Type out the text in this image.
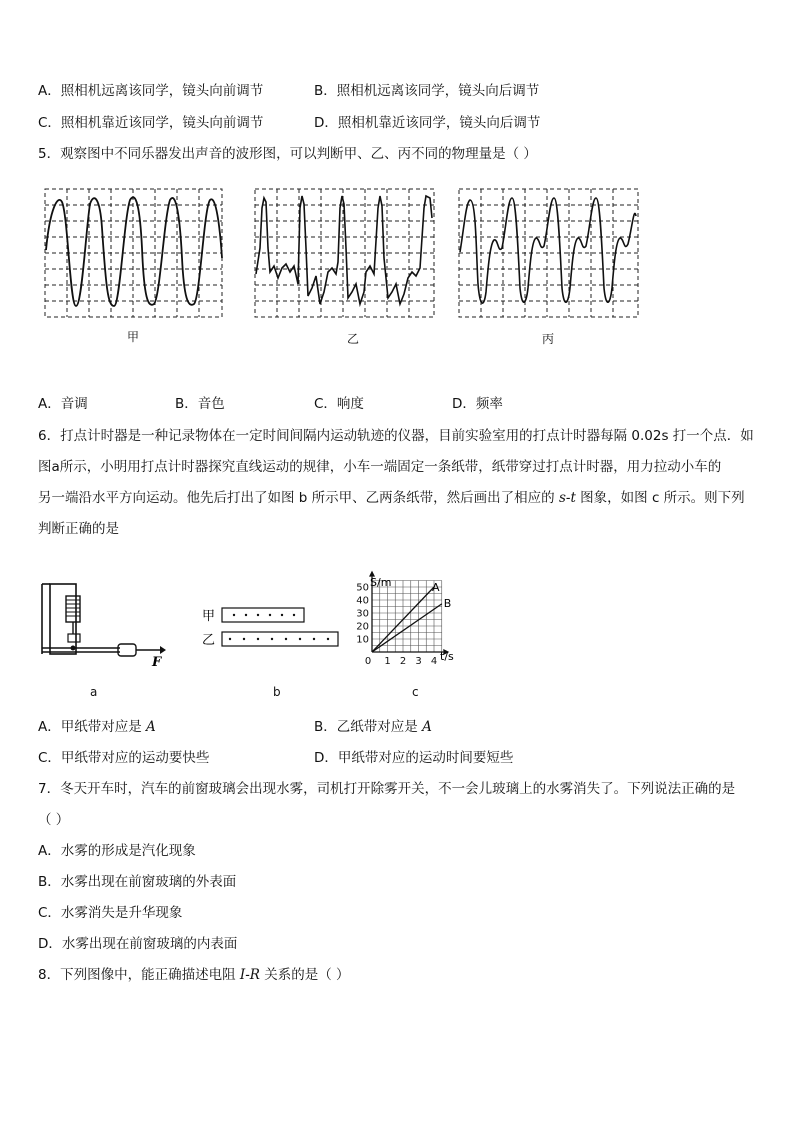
A．照相机远离该同学，镜头向前调节	B．照相机远离该同学，镜头向后调节
C．照相机靠近该同学，镜头向前调节	D．照相机靠近该同学，镜头向后调节
5．观察图中不同乐器发出声音的波形图，可以判断甲、乙、丙不同的物理量是（ ）
甲	乙	丙
A．音调	B．音色	C．响度	D．频率
6．打点计时器是一种记录物体在一定时间间隔内运动轨迹的仪器，目前实验室用的打点计时器每隔 0.02s 打一个点．如
图a所示，小明用打点计时器探究直线运动的规律，小车一端固定一条纸带，纸带穿过打点计时器，用力拉动小车的
另一端沿水平方向运动。他先后打出了如图 b 所示甲、乙两条纸带，然后画出了相应的 s-t 图象，如图 c 所示。则下列
判断正确的是
F
a
甲
乙
b
50
40
30
20
10
0 1 2 3 4
A
B
S/m
t/s
c
A．甲纸带对应是 A	B．乙纸带对应是 A
C．甲纸带对应的运动要快些	D．甲纸带对应的运动时间要短些
7．冬天开车时，汽车的前窗玻璃会出现水雾，司机打开除雾开关，不一会儿玻璃上的水雾消失了。下列说法正确的是
（ ）
A．水雾的形成是汽化现象
B．水雾出现在前窗玻璃的外表面
C．水雾消失是升华现象
D．水雾出现在前窗玻璃的内表面
8．下列图像中，能正确描述电阻 I-R 关系的是（ ）
